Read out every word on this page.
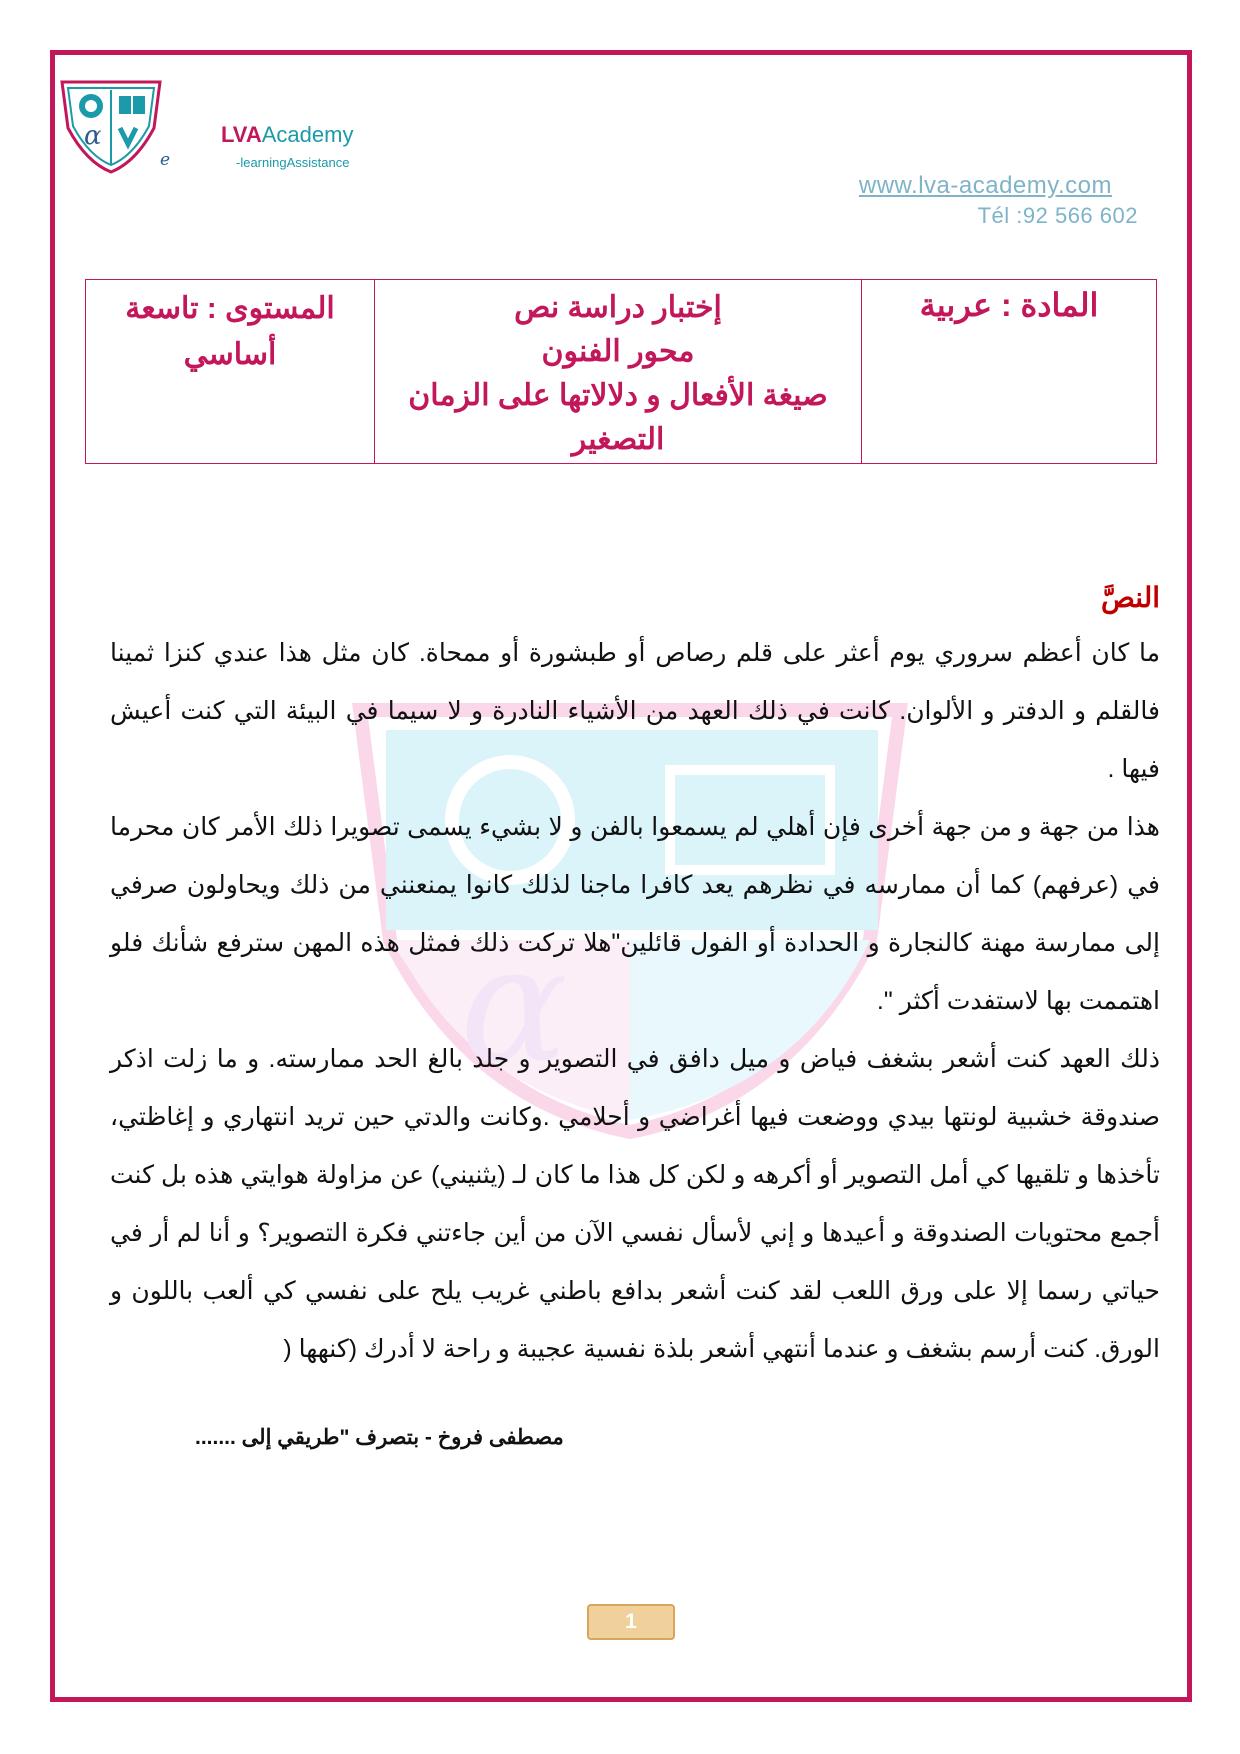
α
e
LVAAcademy
-learningAssistance
www.lva-academy.com
Tél :92 566 602
المادة : عربية

إختبار دراسة نص
محور الفنون
صيغة الأفعال و دلالاتها على الزمان
التصغير

المستوى : تاسعة
أساسي
α
النصَّ
ما كان أعظم سروري يوم أعثر على قلم رصاص أو طبشورة أو ممحاة. كان مثل هذا عندي كنزا ثمينا فالقلم و الدفتر و الألوان. كانت في ذلك العهد من الأشياء النادرة و لا سيما في البيئة التي كنت أعيش فيها .
هذا من جهة و من جهة أخرى فإن أهلي لم يسمعوا بالفن و لا بشيء يسمى تصويرا ذلك الأمر كان محرما في (عرفهم) كما أن ممارسه في نظرهم يعد كافرا ماجنا لذلك كانوا يمنعنني من ذلك ويحاولون صرفي إلى ممارسة مهنة كالنجارة و الحدادة أو الفول قائلين"هلا تركت ذلك فمثل هذه المهن سترفع شأنك فلو اهتممت بها لاستفدت أكثر ".
ذلك العهد كنت أشعر بشغف فياض و ميل دافق في التصوير و جلد بالغ الحد ممارسته. و ما زلت اذكر صندوقة خشبية لونتها بيدي ووضعت فيها أغراضي و أحلامي .وكانت والدتي حين تريد انتهاري و إغاظتي، تأخذها و تلقيها كي أمل التصوير أو أكرهه و لكن كل هذا ما كان لـ (يثنيني) عن مزاولة هوايتي هذه بل كنت أجمع محتويات الصندوقة و أعيدها و إني لأسأل نفسي الآن من أين جاءتني فكرة التصوير؟ و أنا لم أر في حياتي رسما إلا على ورق اللعب لقد كنت أشعر بدافع باطني غريب يلح على نفسي كي ألعب باللون و الورق. كنت أرسم بشغف و عندما أنتهي أشعر بلذة نفسية عجيبة و راحة لا أدرك (كنهها (
مصطفى فروخ - بتصرف "طريقي إلى .......
1
